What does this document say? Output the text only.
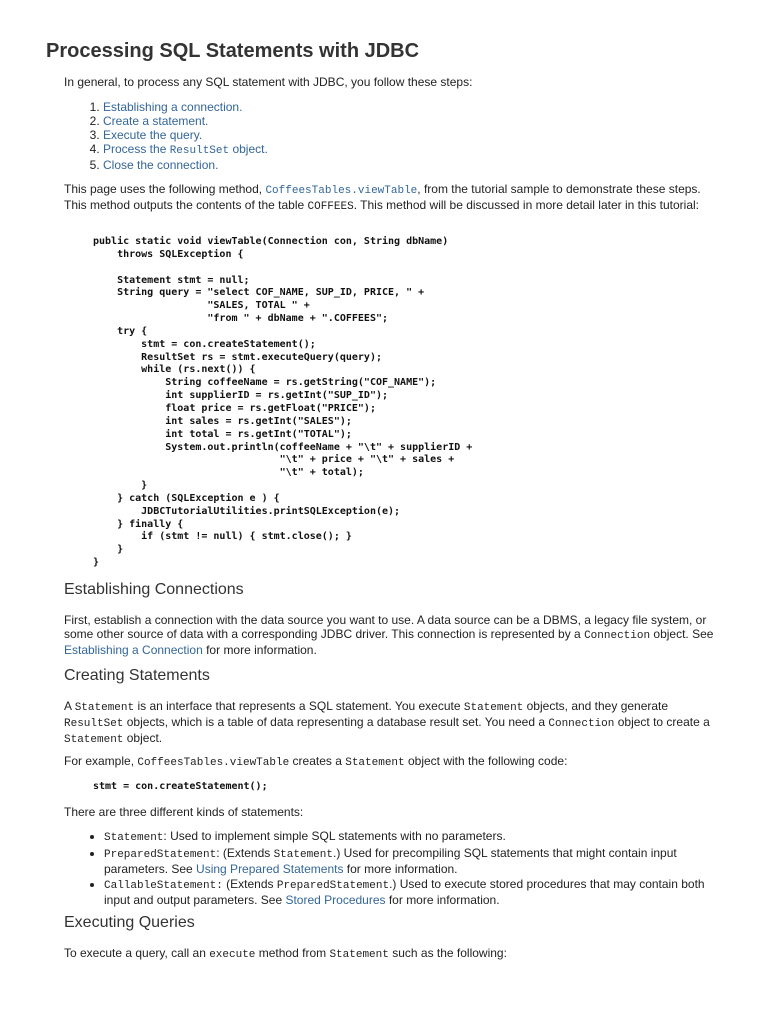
Processing SQL Statements with JDBC

In general, to process any SQL statement with JDBC, you follow these steps:

1. Establishing a connection.
2. Create a statement.
3. Execute the query.
4. Process the ResultSet object.
5. Close the connection.

This page uses the following method, CoffeesTables.viewTable, from the tutorial sample to demonstrate these steps. This method outputs the contents of the table COFFEES. This method will be discussed in more detail later in this tutorial:

public static void viewTable(Connection con, String dbName)
throws SQLException {

Statement stmt = null;
String query = "select COF_NAME, SUP_ID, PRICE, " +
"SALES, TOTAL " +
"from " + dbName + ".COFFEES";
try {
stmt = con.createStatement();
ResultSet rs = stmt.executeQuery(query);
while (rs.next()) {
String coffeeName = rs.getString("COF_NAME");
int supplierID = rs.getInt("SUP_ID");
float price = rs.getFloat("PRICE");
int sales = rs.getInt("SALES");
int total = rs.getInt("TOTAL");
System.out.println(coffeeName + "\t" + supplierID +
"\t" + price + "\t" + sales +
"\t" + total);
}
} catch (SQLException e ) {
JDBCTutorialUtilities.printSQLException(e);
} finally {
if (stmt != null) { stmt.close(); }
}
}
Establishing Connections

First, establish a connection with the data source you want to use. A data source can be a DBMS, a legacy file system, or some other source of data with a corresponding JDBC driver. This connection is represented by a Connection object. See Establishing a Connection for more information.

Creating Statements

A Statement is an interface that represents a SQL statement. You execute Statement objects, and they generate ResultSet objects, which is a table of data representing a database result set. You need a Connection object to create a Statement object.

For example, CoffeesTables.viewTable creates a Statement object with the following code:

stmt = con.createStatement();

There are three different kinds of statements:

• Statement: Used to implement simple SQL statements with no parameters.
• PreparedStatement: (Extends Statement.) Used for precompiling SQL statements that might contain input parameters. See Using Prepared Statements for more information.
• CallableStatement: (Extends PreparedStatement.) Used to execute stored procedures that may contain both input and output parameters. See Stored Procedures for more information.
Executing Queries

To execute a query, call an execute method from Statement such as the following:
